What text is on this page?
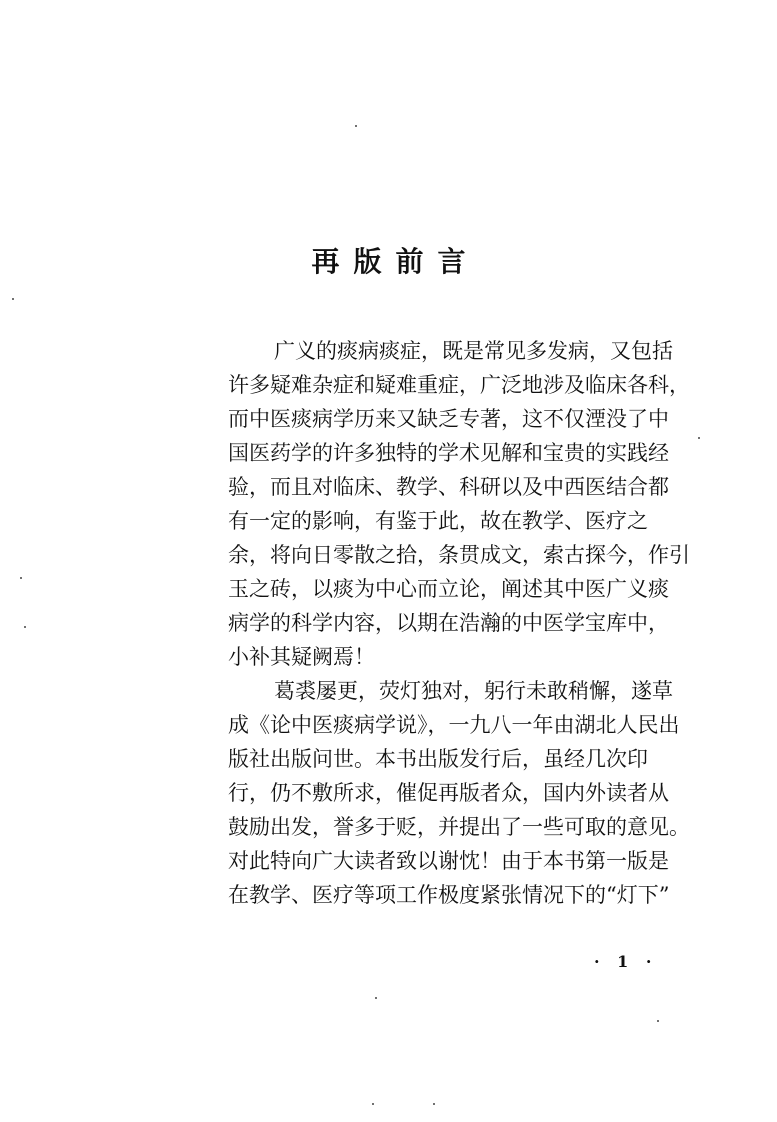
再版前言
广义的痰病痰症，既是常见多发病，又包括
许多疑难杂症和疑难重症，广泛地涉及临床各科，
而中医痰病学历来又缺乏专著，这不仅湮没了中
国医药学的许多独特的学术见解和宝贵的实践经
验，而且对临床、教学、科研以及中西医结合都
有一定的影响，有鉴于此，故在教学、医疗之
余，将向日零散之拾，条贯成文，索古探今，作引
玉之砖，以痰为中心而立论，阐述其中医广义痰
病学的科学内容，以期在浩瀚的中医学宝库中，
小补其疑阙焉！
葛裘屡更，荧灯独对，躬行未敢稍懈，遂草
成《论中医痰病学说》，一九八一年由湖北人民出
版社出版问世。本书出版发行后，虽经几次印
行，仍不敷所求，催促再版者众，国内外读者从
鼓励出发，誉多于贬，并提出了一些可取的意见。
对此特向广大读者致以谢忱！由于本书第一版是
在教学、医疗等项工作极度紧张情况下的“灯下”
· 1 ·
